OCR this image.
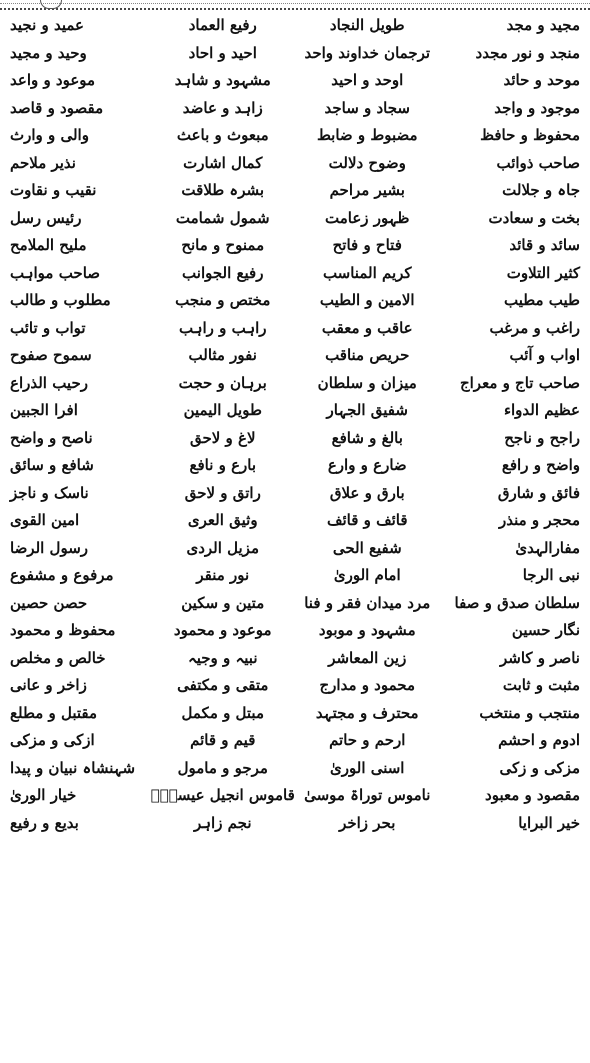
مجید و مجد
طویل النجاد
رفیع العماد
عمید و نجید
منجد و نور مجدد
ترجمان خداوند واحد
احید و احاد
وحید و مجید
موحد و حائد
اوحد و احید
مشہود و شاہد
موعود و واعد
موجود و واجد
سجاد و ساجد
زاہد و عاضد
مقصود و قاصد
محفوظ و حافظ
مضبوط و ضابط
مبعوث و باعث
والی و وارث
صاحب ذوائب
وضوح دلالت
کمال اشارت
نذیر ملاحم
جاہ و جلالت
بشیر مراحم
بشرہ طلاقت
نقیب و نقاوت
بخت و سعادت
ظہور زعامت
شمول شمامت
رئیس رسل
سائد و قائد
فتاح و فاتح
ممنوح و مانح
ملیح الملامح
کثیر التلاوت
کریم المناسب
رفیع الجوانب
صاحب مواہب
طیب مطیب
الامین و الطیب
مختص و منجب
مطلوب و طالب
راغب و مرغب
عاقب و معقب
راہب و راہب
تواب و تائب
اواب و آئب
حریص مناقب
نفور مثالب
سموح صفوح
صاحب تاج و معراج
میزان و سلطان
برہان و حجت
رحیب الذراع
عظیم الدواء
شفیق الجہار
طویل الیمین
افرا الجبین
راجح و ناجح
بالغ و شافع
لاغ و لاحق
ناصح و واضح
واضح و رافع
ضارع و وارع
بارع و نافع
شافع و سائق
فائق و شارق
بارق و علاق
راتق و لاحق
ناسک و ناجز
محجر و منذر
قائف و قائف
وثیق العری
امین القوی
مفارالہدیٰ
شفیع الحی
مزیل الردی
رسول الرضا
نبی الرجا
امام الوریٰ
نور منقر
مرفوع و مشفوع
سلطان صدق و صفا
مرد میدان فقر و فنا
متین و سکین
حصن حصین
نگار حسین
مشہود و موبود
موعود و محمود
محفوظ و محمود
ناصر و کاشر
زین المعاشر
نبیہ و وجیہ
خالص و مخلص
مثبت و ثابت
محمود و مدارج
متقی و مکتفی
زاخر و عانی
منتجب و منتخب
محترف و مجتہد
مبتل و مکمل
مقتبل و مطلع
ادوم و احشم
ارحم و حاتم
قیم و قائم
ازکی و مزکی
مزکی و زکی
اسنی الوریٰ
مرجو و مامول
شہنشاہ نبیان و پیدا
مقصود و معبود
ناموس توراۃ موسیٰ
قاموس انجیل عیسیٰؑ
خیار الوریٰ
خیر البرایا
بحر زاخر
نجم زاہر
بدیع و رفیع
